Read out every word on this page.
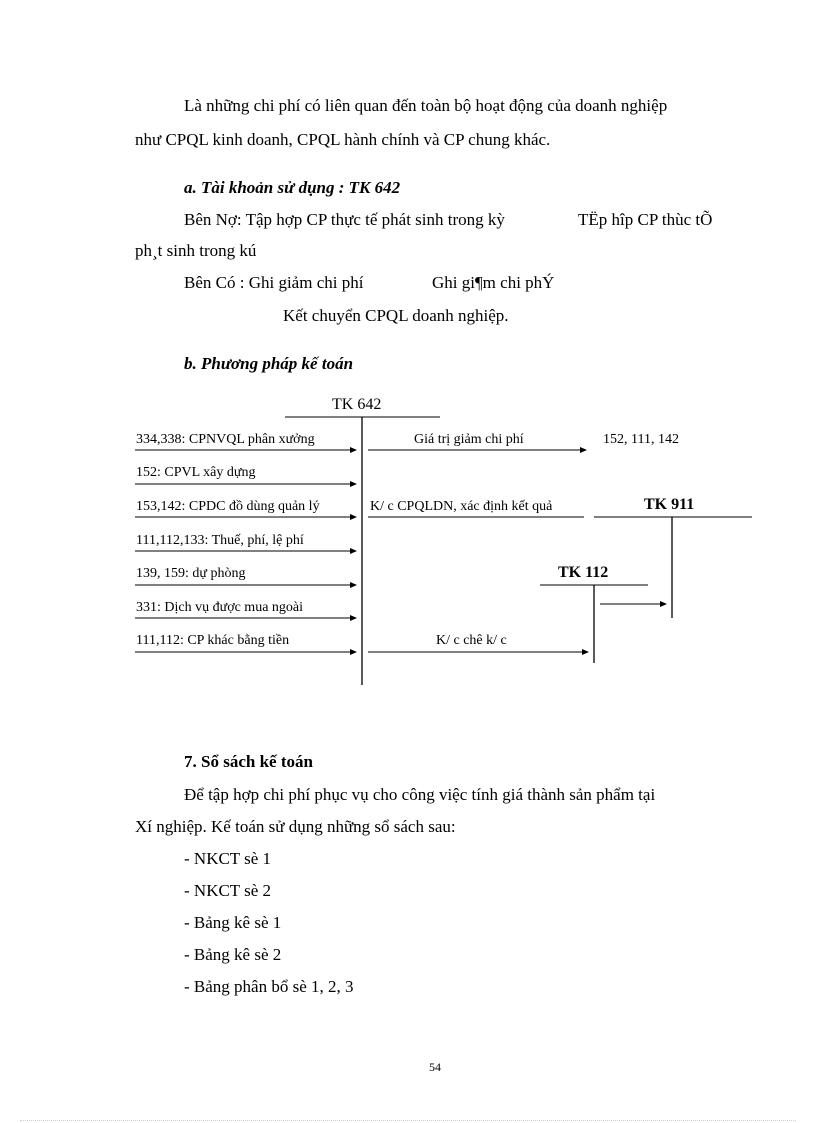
Là những chi phí có liên quan đến toàn bộ hoạt động của doanh nghiệp
như CPQL kinh doanh, CPQL hành chính và CP chung khác.
a. Tài khoản sử dụng : TK 642
Bên Nợ: Tập hợp CP thực tế phát sinh trong kỳ	TËp hîp CP thùc tÕ
ph¸t sinh trong kú
Bên Có : Ghi giảm chi phí	Ghi gi¶m chi phÝ
Kết chuyển CPQL doanh nghiệp.
b. Phương pháp kế toán
TK 642
334,338: CPNVQL phân xưởng
152: CPVL xây dựng
153,142: CPDC đồ dùng quản lý
111,112,133: Thuế, phí, lệ phí
139, 159: dự phòng
331: Dịch vụ được mua ngoài
111,112: CP khác bằng tiền
Giá trị giảm chi phí	152, 111, 142
K/ c CPQLDN, xác định kết quả	TK 911
TK 112
K/ c chê k/ c
7. Sổ sách kế toán
Để tập hợp chi phí phục vụ cho công việc tính giá thành sản phẩm tại
Xí nghiệp. Kế toán sử dụng những sổ sách sau:
- NKCT sè 1
- NKCT sè 2
- Bảng kê sè 1
- Bảng kê sè 2
- Bảng phân bổ sè 1, 2, 3
54
